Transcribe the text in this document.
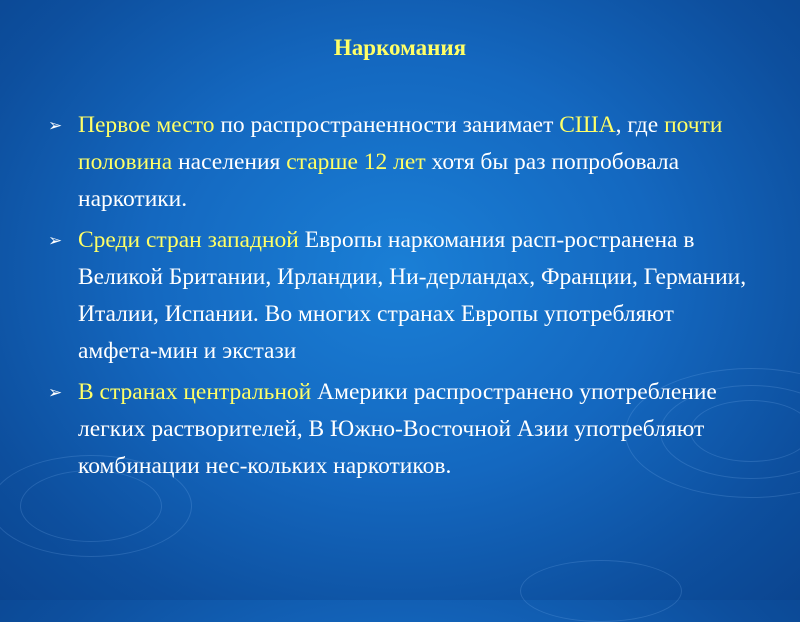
Наркомания
➢ Первое место по распространенности занимает США, где почти половина населения старше 12 лет хотя бы раз попробовала наркотики.
➢ Среди стран западной Европы наркомания расп-ространена в Великой Британии, Ирландии, Ни-дерландах, Франции, Германии, Италии, Испании. Во многих странах Европы употребляют амфета-мин и экстази
➢ В странах центральной Америки распространено употребление легких растворителей, В Южно-Восточной Азии употребляют комбинации нес-кольких наркотиков.
